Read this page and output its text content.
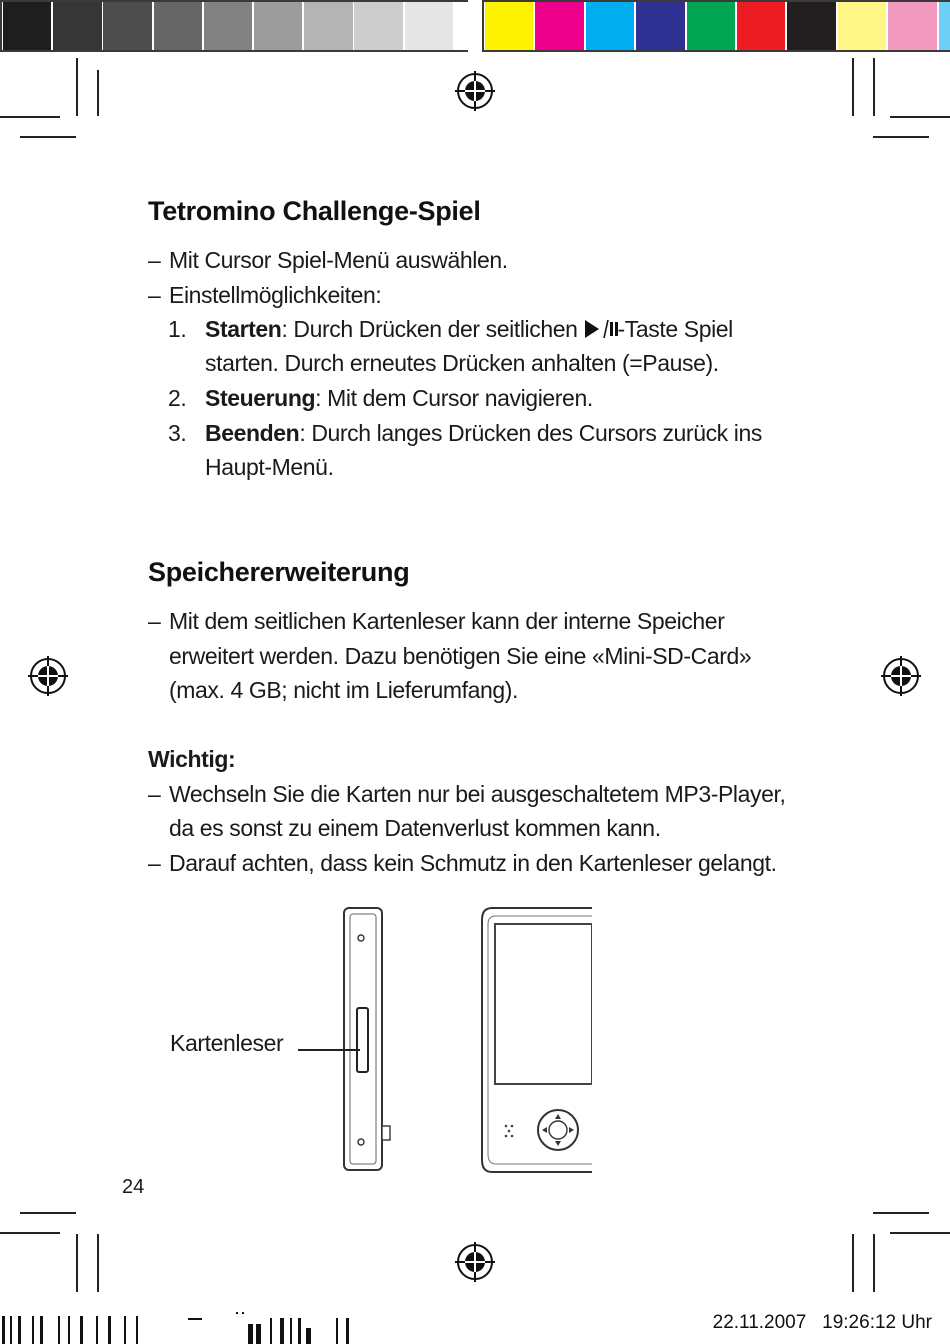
Tetromino Challenge-Spiel
– Mit Cursor Spiel-Menü auswählen.
– Einstellmöglichkeiten:
1. Starten: Durch Drücken der seitlichen -Taste Spiel
starten. Durch erneutes Drücken anhalten (=Pause).
2. Steuerung: Mit dem Cursor navigieren.
3. Beenden: Durch langes Drücken des Cursors zurück ins
Haupt-Menü.
Speichererweiterung
– Mit dem seitlichen Kartenleser kann der interne Speicher
erweitert werden. Dazu benötigen Sie eine «Mini-SD-Card»
(max. 4 GB; nicht im Lieferumfang).
Wichtig:
– Wechseln Sie die Karten nur bei ausgeschaltetem MP3-Player,
da es sonst zu einem Datenverlust kommen kann.
– Darauf achten, dass kein Schmutz in den Kartenleser gelangt.
Kartenleser
24
22.11.2007   19:26:12 Uhr
